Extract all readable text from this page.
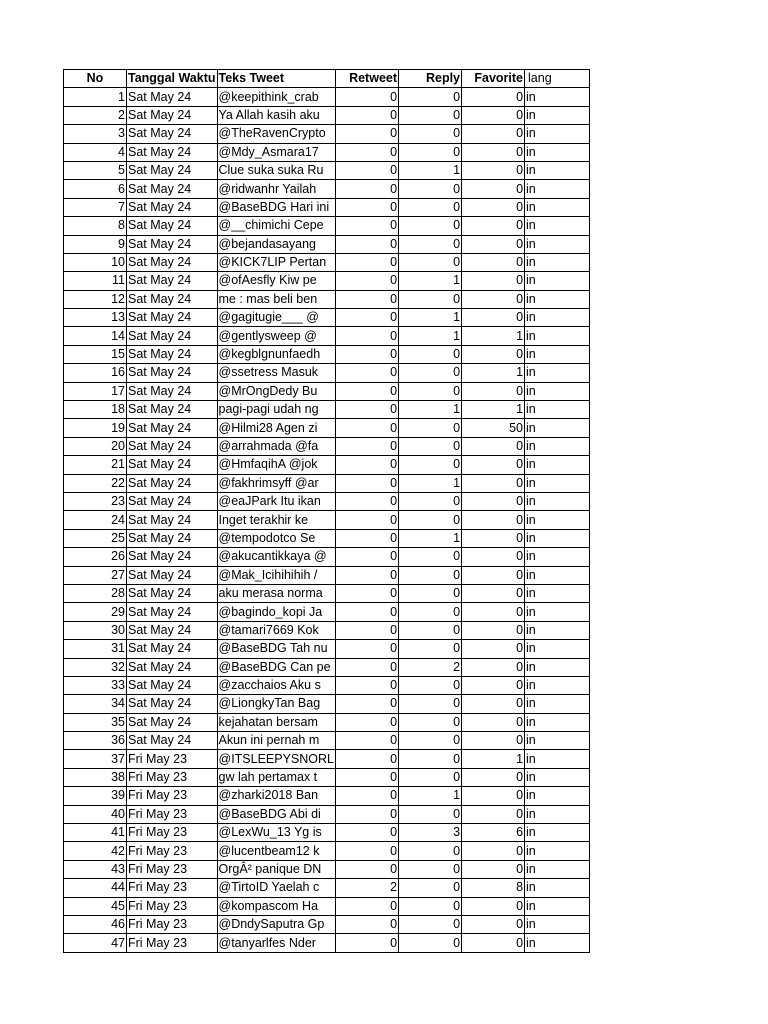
No	Tanggal Waktu	Teks Tweet	Retweet	Reply	Favorite	lang
1	Sat May 24	@keepithink_crab	0	0	0	in
2	Sat May 24	Ya Allah kasih aku	0	0	0	in
3	Sat May 24	@TheRavenCrypto	0	0	0	in
4	Sat May 24	@Mdy_Asmara17	0	0	0	in
5	Sat May 24	Clue suka suka Ru	0	1	0	in
6	Sat May 24	@ridwanhr Yailah	0	0	0	in
7	Sat May 24	@BaseBDG Hari ini	0	0	0	in
8	Sat May 24	@__chimichi Cepe	0	0	0	in
9	Sat May 24	@bejandasayang	0	0	0	in
10	Sat May 24	@KICK7LIP Pertan	0	0	0	in
11	Sat May 24	@ofAesfly Kiw pe	0	1	0	in
12	Sat May 24	me : mas beli ben	0	0	0	in
13	Sat May 24	@gagitugie___ @	0	1	0	in
14	Sat May 24	@gentlysweep @	0	1	1	in
15	Sat May 24	@kegblgnunfaedh	0	0	0	in
16	Sat May 24	@ssetress Masuk	0	0	1	in
17	Sat May 24	@MrOngDedy Bu	0	0	0	in
18	Sat May 24	pagi-pagi udah ng	0	1	1	in
19	Sat May 24	@Hilmi28 Agen zi	0	0	50	in
20	Sat May 24	@arrahmada @fa	0	0	0	in
21	Sat May 24	@HmfaqihA @jok	0	0	0	in
22	Sat May 24	@fakhrimsyff @ar	0	1	0	in
23	Sat May 24	@eaJPark Itu ikan	0	0	0	in
24	Sat May 24	Inget terakhir ke	0	0	0	in
25	Sat May 24	@tempodotco Se	0	1	0	in
26	Sat May 24	@akucantikkaya @	0	0	0	in
27	Sat May 24	@Mak_Icihihihih /	0	0	0	in
28	Sat May 24	aku merasa norma	0	0	0	in
29	Sat May 24	@bagindo_kopi Ja	0	0	0	in
30	Sat May 24	@tamari7669 Kok	0	0	0	in
31	Sat May 24	@BaseBDG Tah nu	0	0	0	in
32	Sat May 24	@BaseBDG Can pe	0	2	0	in
33	Sat May 24	@zacchaios Aku s	0	0	0	in
34	Sat May 24	@LiongkyTan Bag	0	0	0	in
35	Sat May 24	kejahatan bersam	0	0	0	in
36	Sat May 24	Akun ini pernah m	0	0	0	in
37	Fri May 23	@ITSLEEPYSNORL	0	0	1	in
38	Fri May 23	gw lah pertamax t	0	0	0	in
39	Fri May 23	@zharki2018 Ban	0	1	0	in
40	Fri May 23	@BaseBDG Abi di	0	0	0	in
41	Fri May 23	@LexWu_13 Yg is	0	3	6	in
42	Fri May 23	@lucentbeam12 k	0	0	0	in
43	Fri May 23	OrgÂ² panique DN	0	0	0	in
44	Fri May 23	@TirtoID Yaelah c	2	0	8	in
45	Fri May 23	@kompascom Ha	0	0	0	in
46	Fri May 23	@DndySaputra Gp	0	0	0	in
47	Fri May 23	@tanyarlfes Nder	0	0	0	in
